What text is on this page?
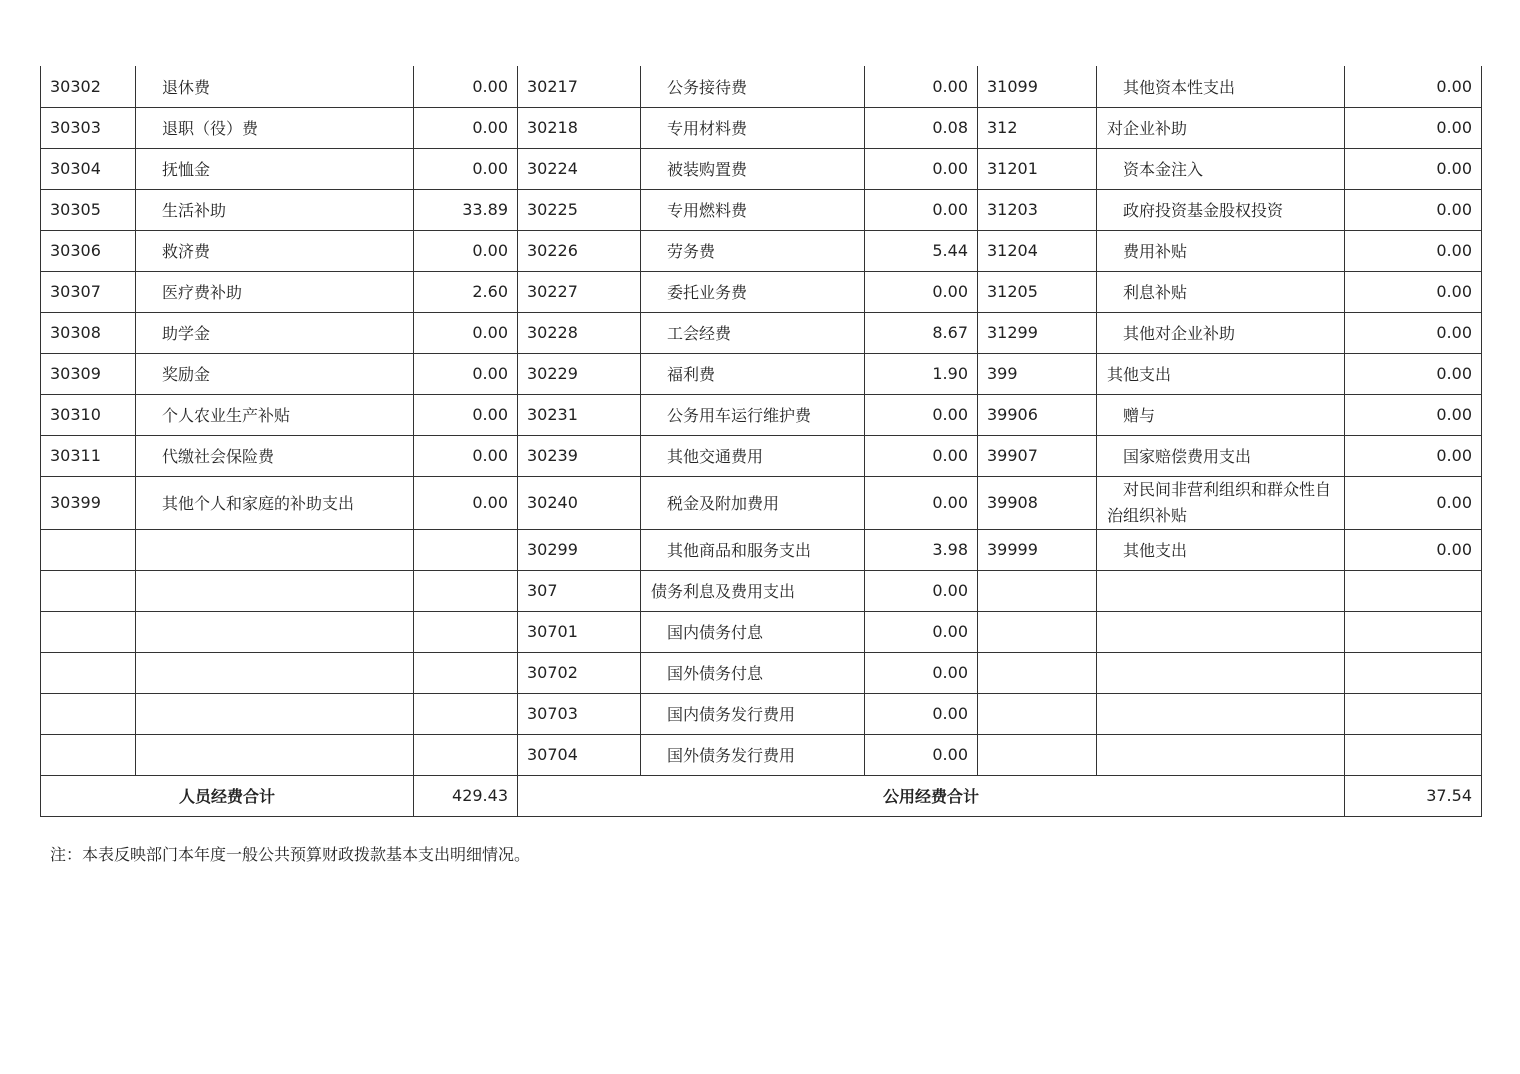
30302	退休费	0.00	30217	公务接待费	0.00	31099	其他资本性支出	0.00
30303	退职（役）费	0.00	30218	专用材料费	0.08	312	对企业补助	0.00
30304	抚恤金	0.00	30224	被装购置费	0.00	31201	资本金注入	0.00
30305	生活补助	33.89	30225	专用燃料费	0.00	31203	政府投资基金股权投资	0.00
30306	救济费	0.00	30226	劳务费	5.44	31204	费用补贴	0.00
30307	医疗费补助	2.60	30227	委托业务费	0.00	31205	利息补贴	0.00
30308	助学金	0.00	30228	工会经费	8.67	31299	其他对企业补助	0.00
30309	奖励金	0.00	30229	福利费	1.90	399	其他支出	0.00
30310	个人农业生产补贴	0.00	30231	公务用车运行维护费	0.00	39906	赠与	0.00
30311	代缴社会保险费	0.00	30239	其他交通费用	0.00	39907	国家赔偿费用支出	0.00
30399	其他个人和家庭的补助支出	0.00	30240	税金及附加费用	0.00	39908	　对民间非营利组织和群众性自治组织补贴	0.00
			30299	其他商品和服务支出	3.98	39999	其他支出	0.00
			307	债务利息及费用支出	0.00			
			30701	国内债务付息	0.00			
			30702	国外债务付息	0.00			
			30703	国内债务发行费用	0.00			
			30704	国外债务发行费用	0.00			
人员经费合计		429.43	公用经费合计					37.54
注：本表反映部门本年度一般公共预算财政拨款基本支出明细情况。
